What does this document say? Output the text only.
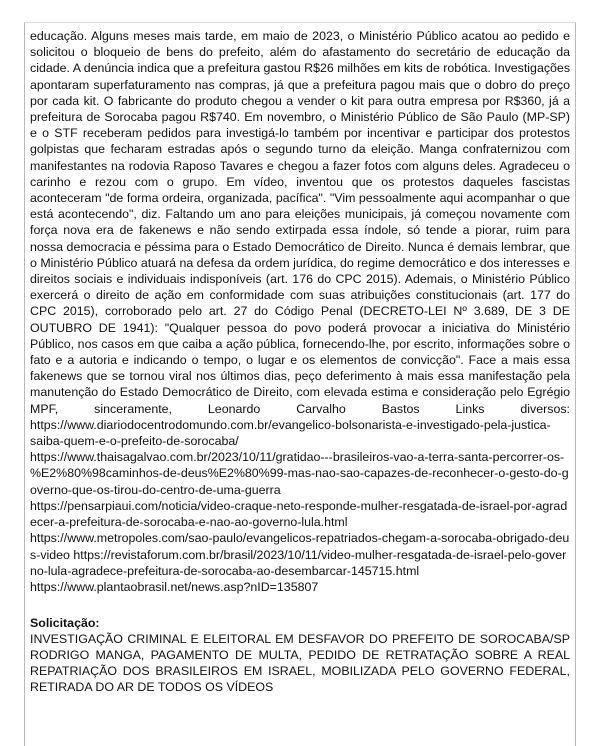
educação. Alguns meses mais tarde, em maio de 2023, o Ministério Público acatou ao pedido e solicitou o bloqueio de bens do prefeito, além do afastamento do secretário de educação da cidade. A denúncia indica que a prefeitura gastou R$26 milhões em kits de robótica. Investigações apontaram superfaturamento nas compras, já que a prefeitura pagou mais que o dobro do preço por cada kit. O fabricante do produto chegou a vender o kit para outra empresa por R$360, já a prefeitura de Sorocaba pagou R$740. Em novembro, o Ministério Público de São Paulo (MP-SP) e o STF receberam pedidos para investigá-lo também por incentivar e participar dos protestos golpistas que fecharam estradas após o segundo turno da eleição. Manga confraternizou com manifestantes na rodovia Raposo Tavares e chegou a fazer fotos com alguns deles. Agradeceu o carinho e rezou com o grupo. Em vídeo, inventou que os protestos daqueles fascistas aconteceram "de forma ordeira, organizada, pacífica". "Vim pessoalmente aqui acompanhar o que está acontecendo", diz. Faltando um ano para eleições municipais, já começou novamente com força nova era de fakenews e não sendo extirpada essa índole, só tende a piorar, ruim para nossa democracia e péssima para o Estado Democrático de Direito. Nunca é demais lembrar, que o Ministério Público atuará na defesa da ordem jurídica, do regime democrático e dos interesses e direitos sociais e individuais indisponíveis (art. 176 do CPC 2015). Ademais, o Ministério Público exercerá o direito de ação em conformidade com suas atribuições constitucionais (art. 177 do CPC 2015), corroborado pelo art. 27 do Código Penal (DECRETO-LEI Nº 3.689, DE 3 DE OUTUBRO DE 1941): "Qualquer pessoa do povo poderá provocar a iniciativa do Ministério Público, nos casos em que caiba a ação pública, fornecendo-lhe, por escrito, informações sobre o fato e a autoria e indicando o tempo, o lugar e os elementos de convicção". Face a mais essa fakenews que se tornou viral nos últimos dias, peço deferimento à mais essa manifestação pela manutenção do Estado Democrático de Direito, com elevada estima e consideração pelo Egrégio MPF, sinceramente, Leonardo Carvalho Bastos Links diversos: https://www.diariodocentrodomundo.com.br/evangelico-bolsonarista-e-investigado-pela-justica-saiba-quem-e-o-prefeito-de-sorocaba/

https://www.thaisagalvao.com.br/2023/10/11/gratidao---brasileiros-vao-a-terra-santa-percorrer-os-%E2%80%98caminhos-de-deus%E2%80%99-mas-nao-sao-capazes-de-reconhecer-o-gesto-do-governo-que-os-tirou-do-centro-de-uma-guerra
https://pensarpiaui.com/noticia/video-craque-neto-responde-mulher-resgatada-de-israel-por-agradecer-a-prefeitura-de-sorocaba-e-nao-ao-governo-lula.html
https://www.metropoles.com/sao-paulo/evangelicos-repatriados-chegam-a-sorocaba-obrigado-deus-video https://revistaforum.com.br/brasil/2023/10/11/video-mulher-resgatada-de-israel-pelo-governo-lula-agradece-prefeitura-de-sorocaba-ao-desembarcar-145715.html
https://www.plantaobrasil.net/news.asp?nID=135807

Solicitação:

INVESTIGAÇÃO CRIMINAL E ELEITORAL EM DESFAVOR DO PREFEITO DE SOROCABA/SP RODRIGO MANGA, PAGAMENTO DE MULTA, PEDIDO DE RETRATAÇÃO SOBRE A REAL REPATRIAÇÃO DOS BRASILEIROS EM ISRAEL, MOBILIZADA PELO GOVERNO FEDERAL, RETIRADA DO AR DE TODOS OS VÍDEOS
